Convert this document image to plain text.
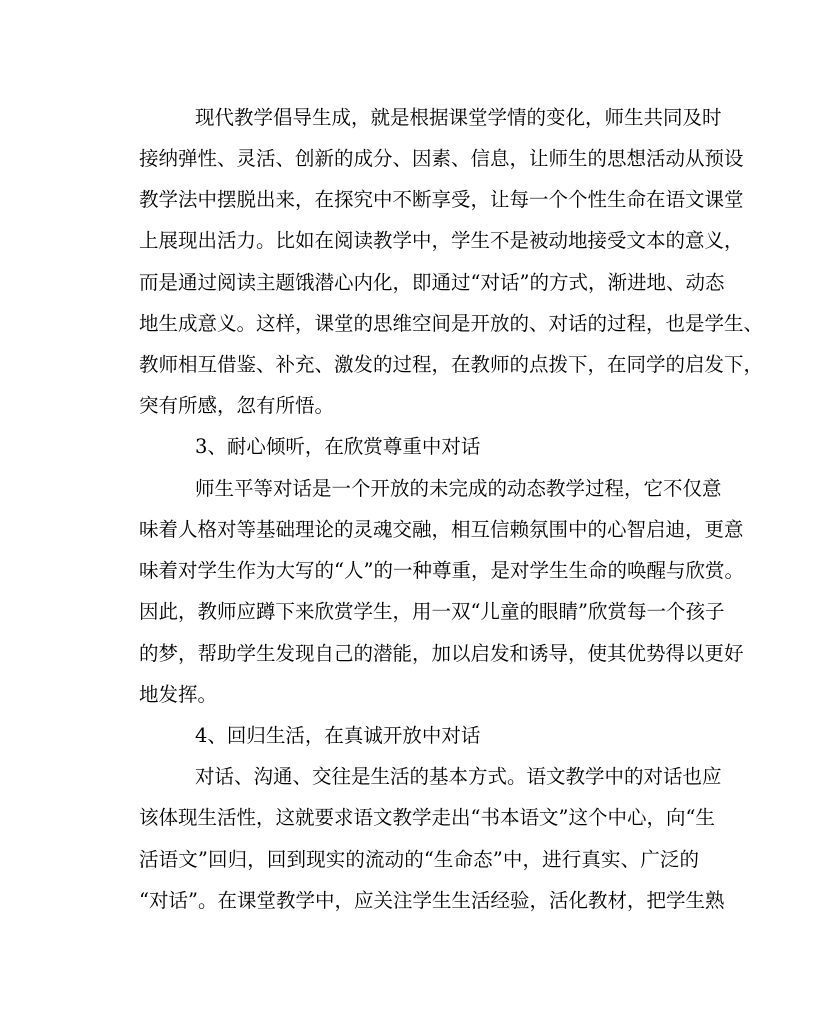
现代教学倡导生成，就是根据课堂学情的变化，师生共同及时
接纳弹性、灵活、创新的成分、因素、信息，让师生的思想活动从预设
教学法中摆脱出来，在探究中不断享受，让每一个个性生命在语文课堂
上展现出活力。比如在阅读教学中，学生不是被动地接受文本的意义，
而是通过阅读主题饿潜心内化，即通过“对话”的方式，渐进地、动态
地生成意义。这样，课堂的思维空间是开放的、对话的过程，也是学生、
教师相互借鉴、补充、激发的过程，在教师的点拨下，在同学的启发下，
突有所感，忽有所悟。
3、耐心倾听，在欣赏尊重中对话
师生平等对话是一个开放的未完成的动态教学过程，它不仅意
味着人格对等基础理论的灵魂交融，相互信赖氛围中的心智启迪，更意
味着对学生作为大写的“人”的一种尊重，是对学生生命的唤醒与欣赏。
因此，教师应蹲下来欣赏学生，用一双“儿童的眼睛”欣赏每一个孩子
的梦，帮助学生发现自己的潜能，加以启发和诱导，使其优势得以更好
地发挥。
4、回归生活，在真诚开放中对话
对话、沟通、交往是生活的基本方式。语文教学中的对话也应
该体现生活性，这就要求语文教学走出“书本语文”这个中心，向“生
活语文”回归，回到现实的流动的“生命态”中，进行真实、广泛的
“对话”。在课堂教学中，应关注学生生活经验，活化教材，把学生熟
